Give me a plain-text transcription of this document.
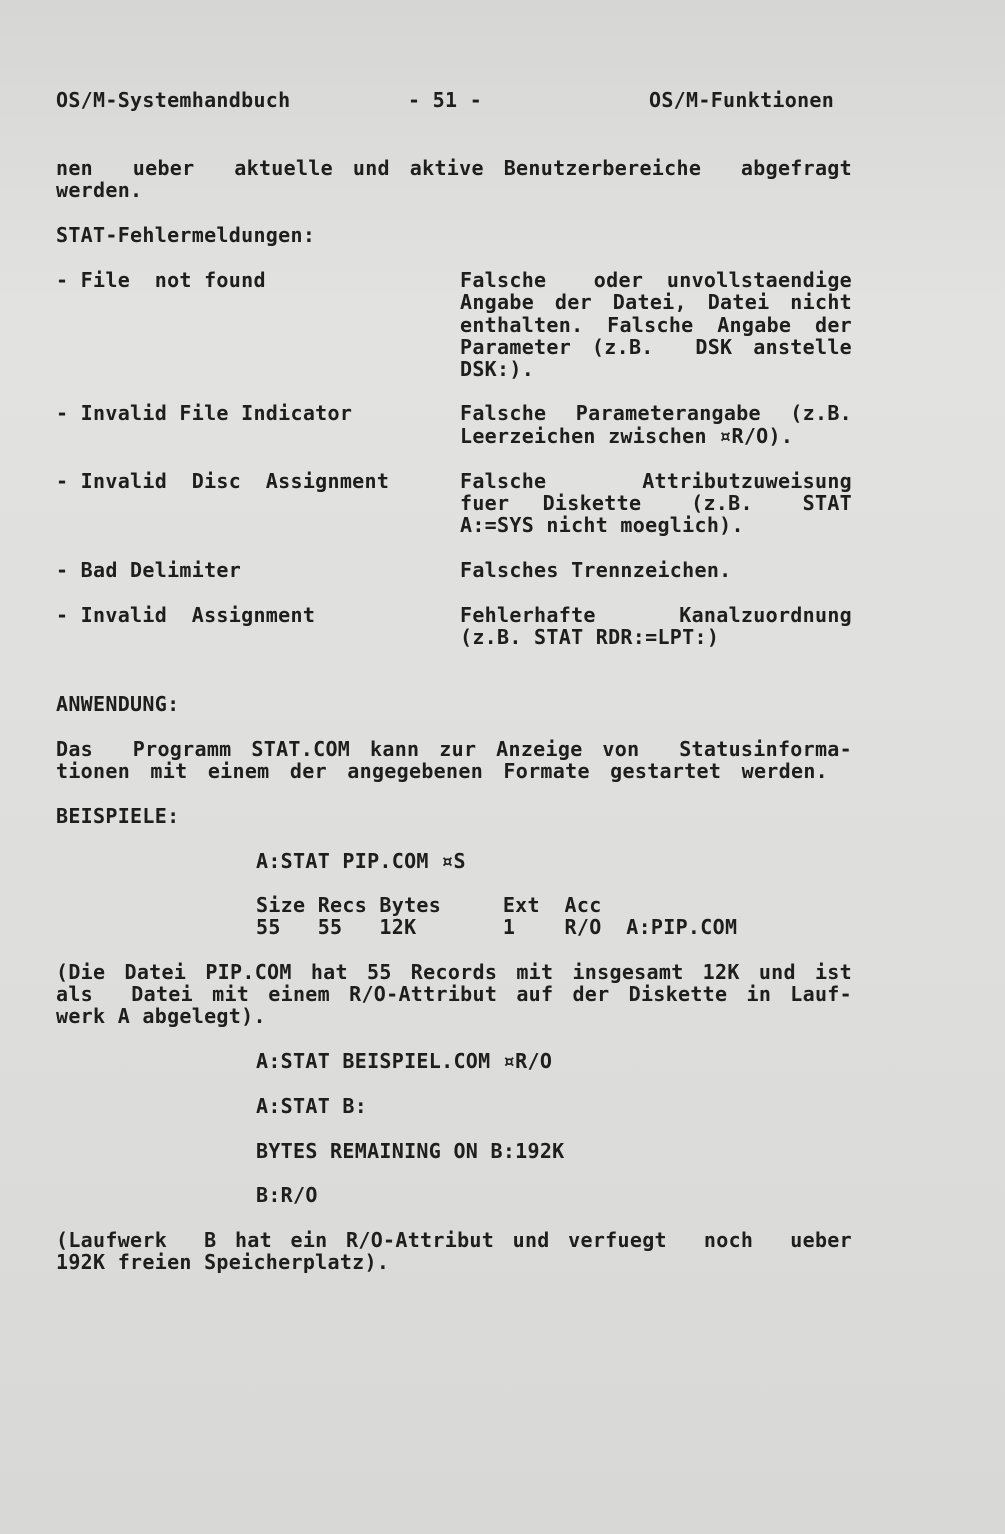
OS/M-Systemhandbuch	- 51 -	OS/M-Funktionen
nen  ueber  aktuelle und aktive Benutzerbereiche  abgefragt
werden.
STAT-Fehlermeldungen:
- File  not found	Falsche  oder unvollstaendige
Angabe der Datei, Datei nicht
enthalten. Falsche Angabe der
Parameter (z.B.  DSK anstelle
DSK:).
- Invalid File Indicator	Falsche Parameterangabe (z.B.
Leerzeichen zwischen ¤R/O).
- Invalid  Disc  Assignment	Falsche      Attributzuweisung
fuer  Diskette   (z.B.   STAT
A:=SYS nicht moeglich).
- Bad Delimiter	Falsches Trennzeichen.
- Invalid  Assignment	Fehlerhafte    Kanalzuordnung
(z.B. STAT RDR:=LPT:)
ANWENDUNG:
Das  Programm STAT.COM kann zur Anzeige von  Statusinforma-
tionen mit einem der angegebenen Formate gestartet werden.
BEISPIELE:
A:STAT PIP.COM ¤S
Size Recs Bytes     Ext  Acc
55   55   12K       1    R/O  A:PIP.COM
(Die Datei PIP.COM hat 55 Records mit insgesamt 12K und ist
als  Datei mit einem R/O-Attribut auf der Diskette in Lauf-
werk A abgelegt).
A:STAT BEISPIEL.COM ¤R/O
A:STAT B:
BYTES REMAINING ON B:192K
B:R/O
(Laufwerk  B hat ein R/O-Attribut und verfuegt  noch  ueber
192K freien Speicherplatz).
